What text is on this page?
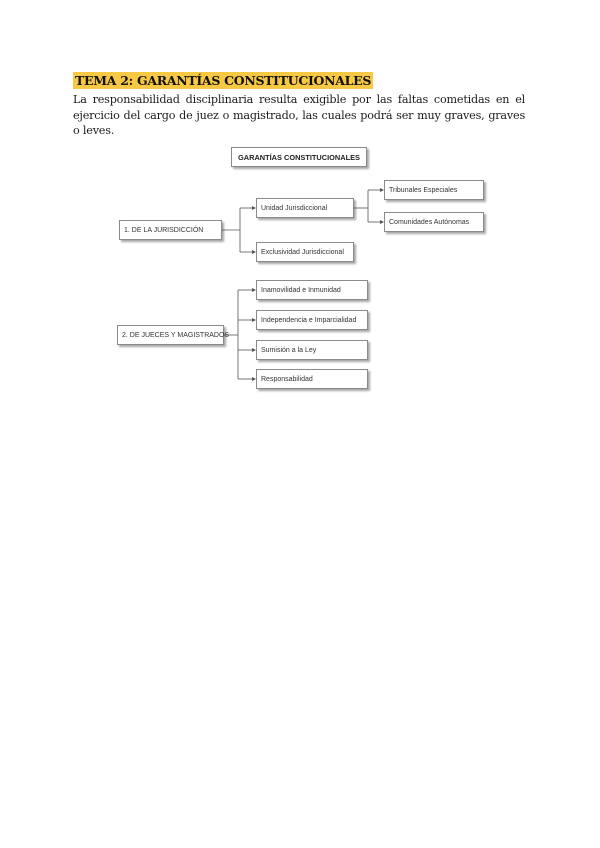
TEMA 2: GARANTÍAS CONSTITUCIONALES
La responsabilidad disciplinaria resulta exigible por las faltas cometidas en el ejercicio del cargo de juez o magistrado, las cuales podrá ser muy graves, graves o leves.
GARANTÍAS CONSTITUCIONALES
1. DE LA JURISDICCIÓN
Unidad Jurisdiccional
Tribunales Especiales
Comunidades Autónomas
Exclusividad Jurisdiccional
2. DE JUECES Y MAGISTRADOS
Inamovilidad e Inmunidad
Independencia e Imparcialidad
Sumisión a la Ley
Responsabilidad
